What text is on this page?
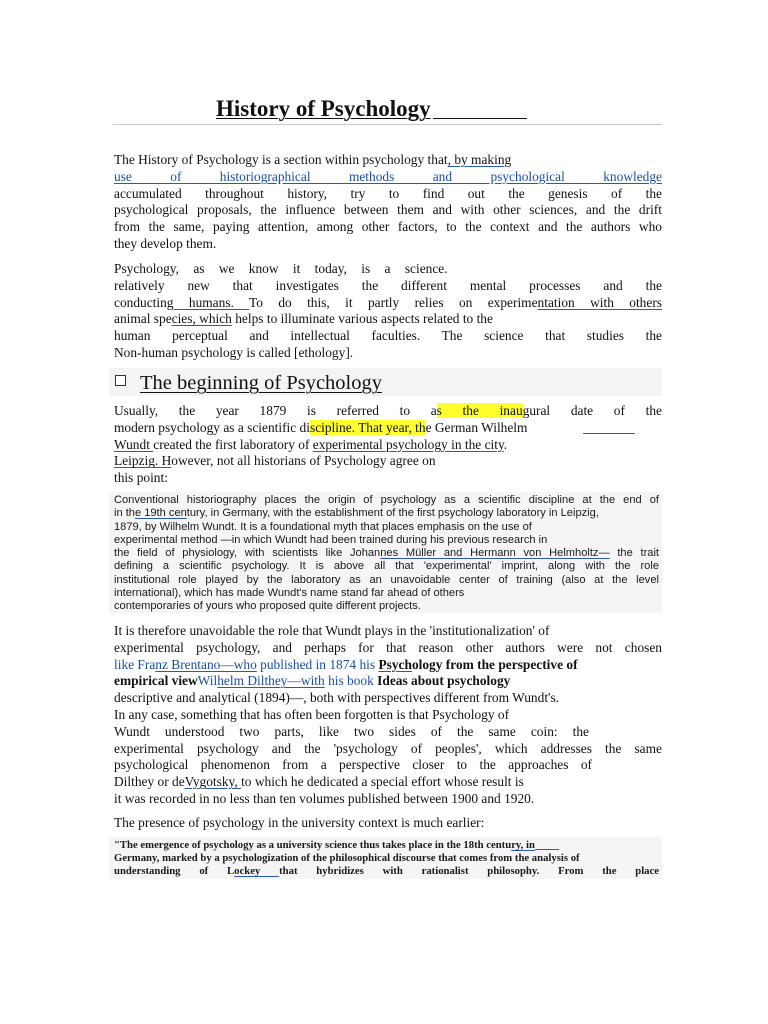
History of Psychology
The History of Psychology is a section within psychology that, by making
use of historiographical methods and psychological knowledge
accumulated throughout history, try to find out the genesis of the
psychological proposals, the influence between them and with other sciences, and the drift
from the same, paying attention, among other factors, to the context and the authors who
they develop them.
Psychology, as we know it today, is a science.
relatively new that investigates the different mental processes and the
conducting humans. To do this, it partly relies on experimentation with others
animal species, which helps to illuminate various aspects related to the
human perceptual and intellectual faculties. The science that studies the
Non-human psychology is called [ethology].
The beginning of Psychology
Usually, the year 1879 is referred to as the inaugural date of the
modern psychology as a scientific discipline. That year, the German Wilhelm
Wundt created the first laboratory of experimental psychology in the city.
Leipzig. However, not all historians of Psychology agree on
this point:
Conventional historiography places the origin of psychology as a scientific discipline at the end of
in the 19th century, in Germany, with the establishment of the first psychology laboratory in Leipzig,
1879, by Wilhelm Wundt. It is a foundational myth that places emphasis on the use of
experimental method —in which Wundt had been trained during his previous research in
the field of physiology, with scientists like Johannes Müller and Hermann von Helmholtz— the trait
defining a scientific psychology. It is above all that 'experimental' imprint, along with the role
institutional role played by the laboratory as an unavoidable center of training (also at the level
international), which has made Wundt's name stand far ahead of others
contemporaries of yours who proposed quite different projects.
It is therefore unavoidable the role that Wundt plays in the 'institutionalization' of
experimental psychology, and perhaps for that reason other authors were not chosen
like Franz Brentano—who published in 1874 his Psychology from the perspective of
empirical viewWilhelm Dilthey—with his book Ideas about psychology
descriptive and analytical (1894)—, both with perspectives different from Wundt's.
In any case, something that has often been forgotten is that Psychology of
Wundt understood two parts, like two sides of the same coin: the
experimental psychology and the 'psychology of peoples', which addresses the same
psychological phenomenon from a perspective closer to the approaches of
Dilthey or deVygotsky, to which he dedicated a special effort whose result is
it was recorded in no less than ten volumes published between 1900 and 1920.
The presence of psychology in the university context is much earlier:
"The emergence of psychology as a university science thus takes place in the 18th century, in
Germany, marked by a psychologization of the philosophical discourse that comes from the analysis of
understanding of Lockey that hybridizes with rationalist philosophy. From the place
